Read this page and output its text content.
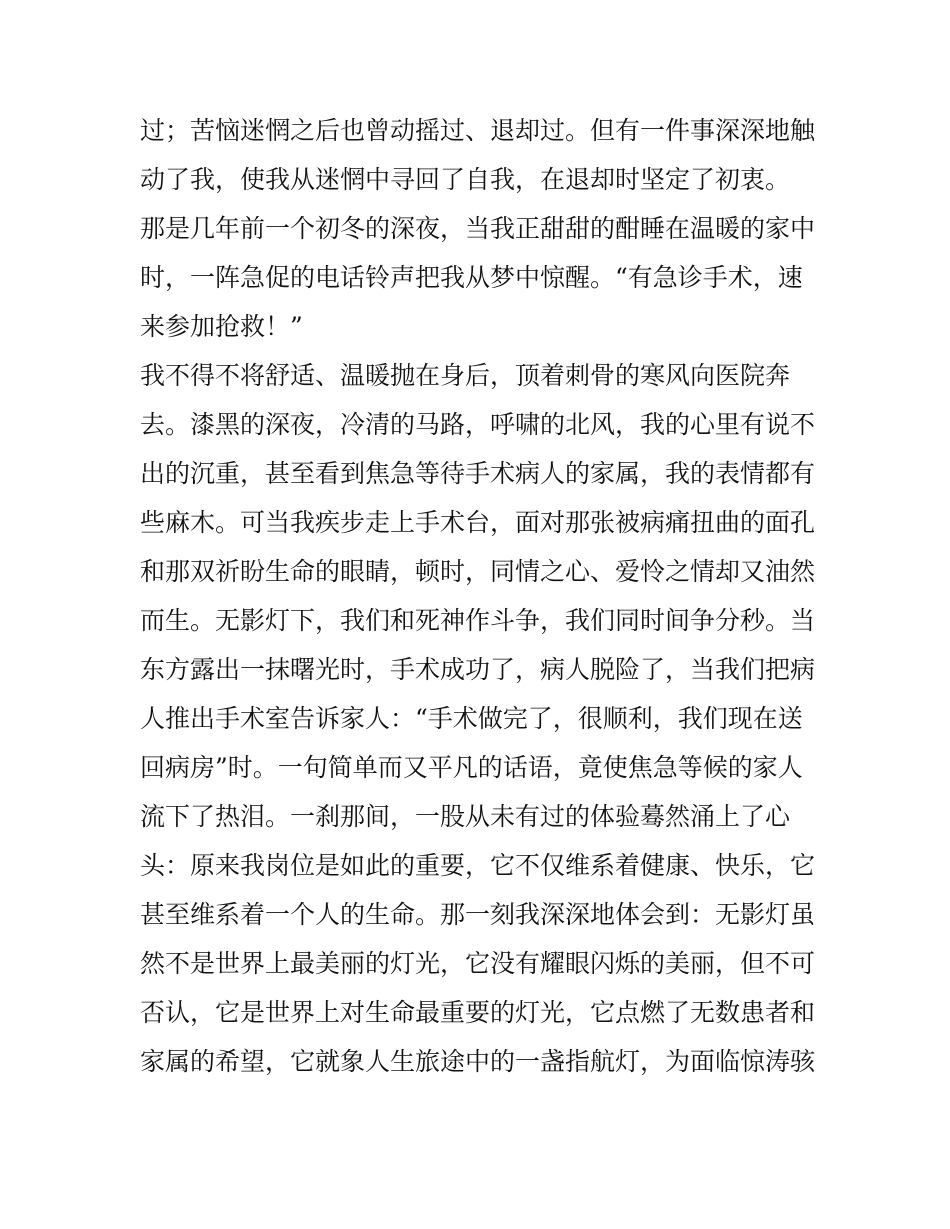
过；苦恼迷惘之后也曾动摇过、退却过。但有一件事深深地触
动了我，使我从迷惘中寻回了自我，在退却时坚定了初衷。
那是几年前一个初冬的深夜，当我正甜甜的酣睡在温暖的家中
时，一阵急促的电话铃声把我从梦中惊醒。“有急诊手术，速
来参加抢救！”
我不得不将舒适、温暖抛在身后，顶着刺骨的寒风向医院奔
去。漆黑的深夜，冷清的马路，呼啸的北风，我的心里有说不
出的沉重，甚至看到焦急等待手术病人的家属，我的表情都有
些麻木。可当我疾步走上手术台，面对那张被病痛扭曲的面孔
和那双祈盼生命的眼睛，顿时，同情之心、爱怜之情却又油然
而生。无影灯下，我们和死神作斗争，我们同时间争分秒。当
东方露出一抹曙光时，手术成功了，病人脱险了，当我们把病
人推出手术室告诉家人：“手术做完了，很顺利，我们现在送
回病房”时。一句简单而又平凡的话语，竟使焦急等候的家人
流下了热泪。一刹那间，一股从未有过的体验蓦然涌上了心
头：原来我岗位是如此的重要，它不仅维系着健康、快乐，它
甚至维系着一个人的生命。那一刻我深深地体会到：无影灯虽
然不是世界上最美丽的灯光，它没有耀眼闪烁的美丽，但不可
否认，它是世界上对生命最重要的灯光，它点燃了无数患者和
家属的希望，它就象人生旅途中的一盏指航灯，为面临惊涛骇
